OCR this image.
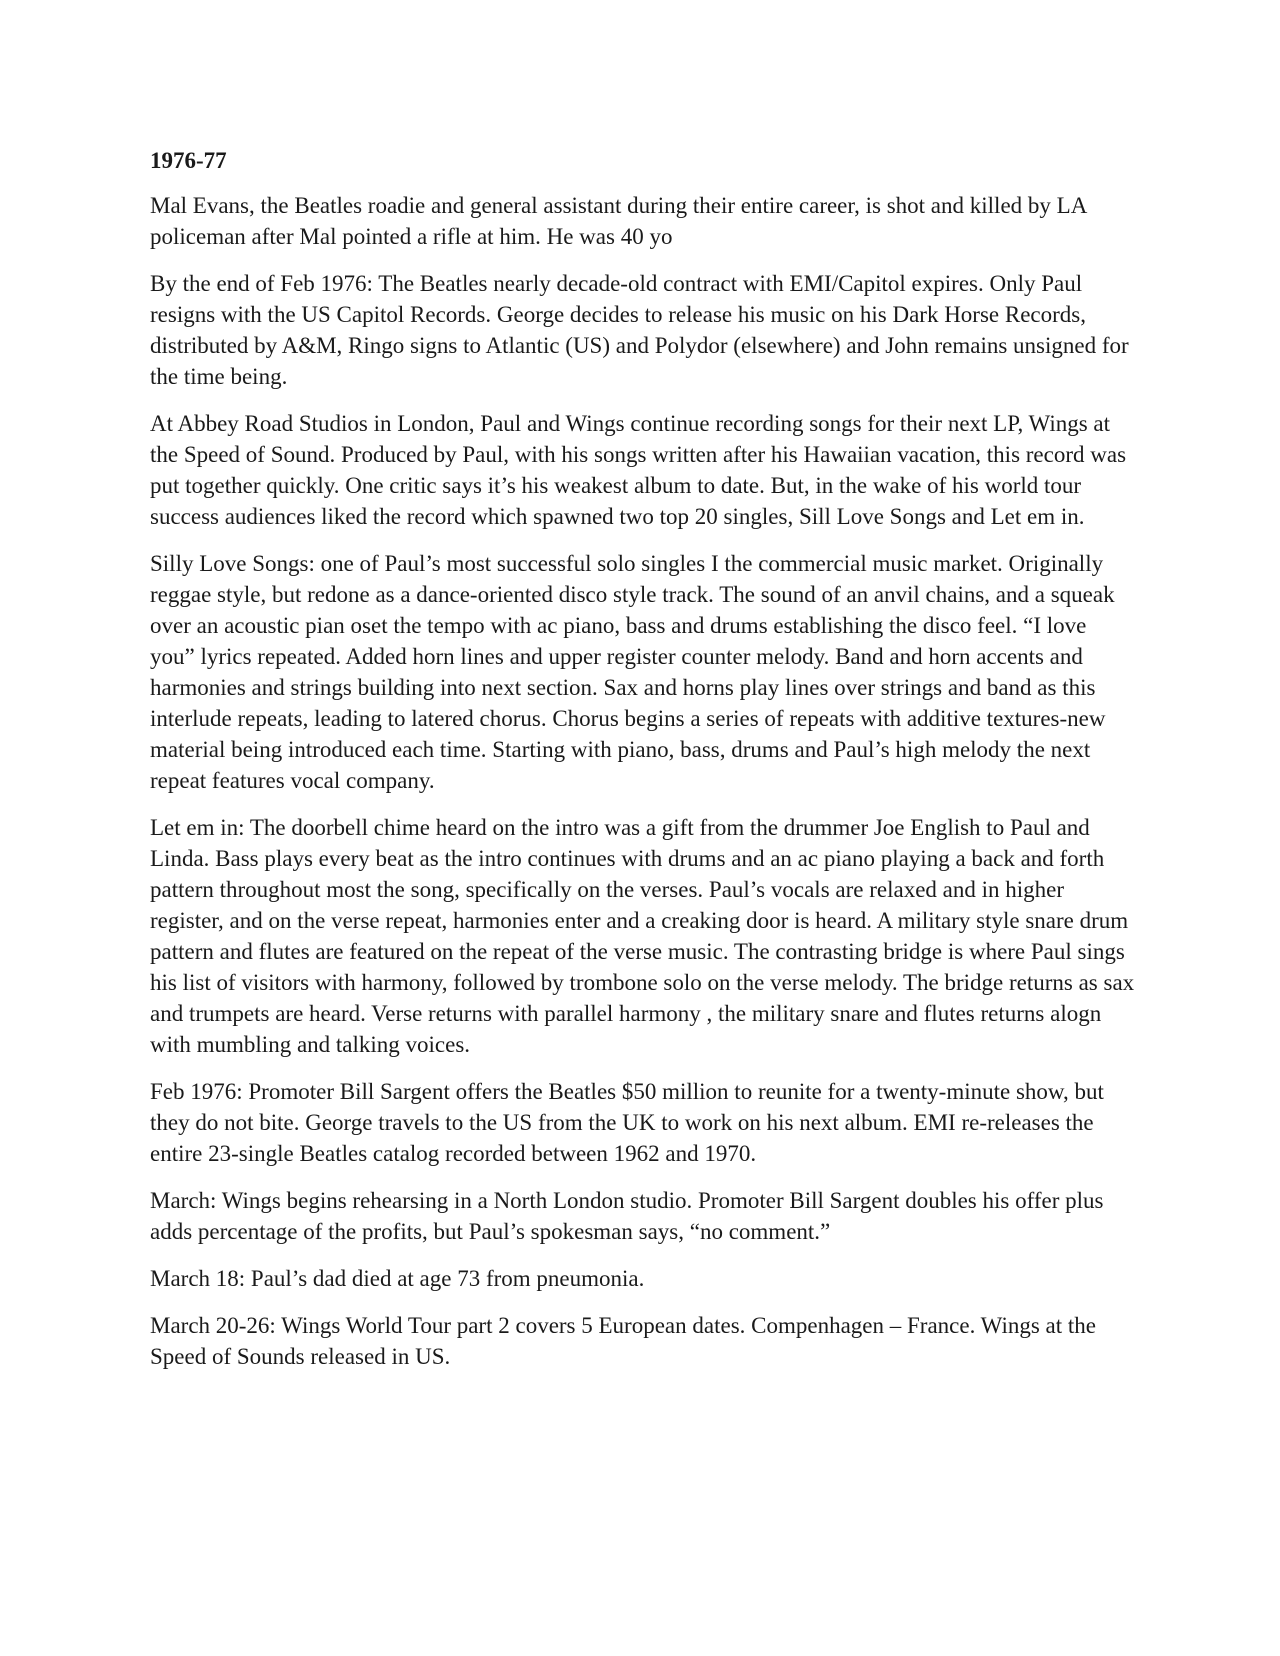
1976-77

Mal Evans, the Beatles roadie and general assistant during their entire career, is shot and killed by LA policeman after Mal pointed a rifle at him. He was 40 yo

By the end of Feb 1976: The Beatles nearly decade-old contract with EMI/Capitol expires. Only Paul resigns with the US Capitol Records. George decides to release his music on his Dark Horse Records, distributed by A&M, Ringo signs to Atlantic (US) and Polydor (elsewhere) and John remains unsigned for the time being.

At Abbey Road Studios in London, Paul and Wings continue recording songs for their next LP, Wings at the Speed of Sound. Produced by Paul, with his songs written after his Hawaiian vacation, this record was put together quickly. One critic says it’s his weakest album to date. But, in the wake of his world tour success audiences liked the record which spawned two top 20 singles, Sill Love Songs and Let em in.

Silly Love Songs: one of Paul’s most successful solo singles I the commercial music market. Originally reggae style, but redone as a dance-oriented disco style track. The sound of an anvil chains, and a squeak over an acoustic pian oset the tempo with ac piano, bass and drums establishing the disco feel. “I love you” lyrics repeated. Added horn lines and upper register counter melody. Band and horn accents and harmonies and strings building into next section. Sax and horns play lines over strings and band as this interlude repeats, leading to latered chorus. Chorus begins a series of repeats with additive textures-new material being introduced each time. Starting with piano, bass, drums and Paul’s high melody the next repeat features vocal company.

Let em in: The doorbell chime heard on the intro was a gift from the drummer Joe English to Paul and Linda. Bass plays every beat as the intro continues with drums and an ac piano playing a back and forth pattern throughout most the song, specifically on the verses. Paul’s vocals are relaxed and in higher register, and on the verse repeat, harmonies enter and a creaking door is heard. A military style snare drum pattern and flutes are featured on the repeat of the verse music. The contrasting bridge is where Paul sings his list of visitors with harmony, followed by trombone solo on the verse melody. The bridge returns as sax and trumpets are heard. Verse returns with parallel harmony , the military snare and flutes returns alogn with mumbling and talking voices.

Feb 1976: Promoter Bill Sargent offers the Beatles $50 million to reunite for a twenty-minute show, but they do not bite. George travels to the US from the UK to work on his next album. EMI re-releases the entire 23-single Beatles catalog recorded between 1962 and 1970.

March: Wings begins rehearsing in a North London studio. Promoter Bill Sargent doubles his offer plus adds percentage of the profits, but Paul’s spokesman says, “no comment.”

March 18: Paul’s dad died at age 73 from pneumonia.

March 20-26: Wings World Tour part 2 covers 5 European dates. Compenhagen – France. Wings at the Speed of Sounds released in US.
